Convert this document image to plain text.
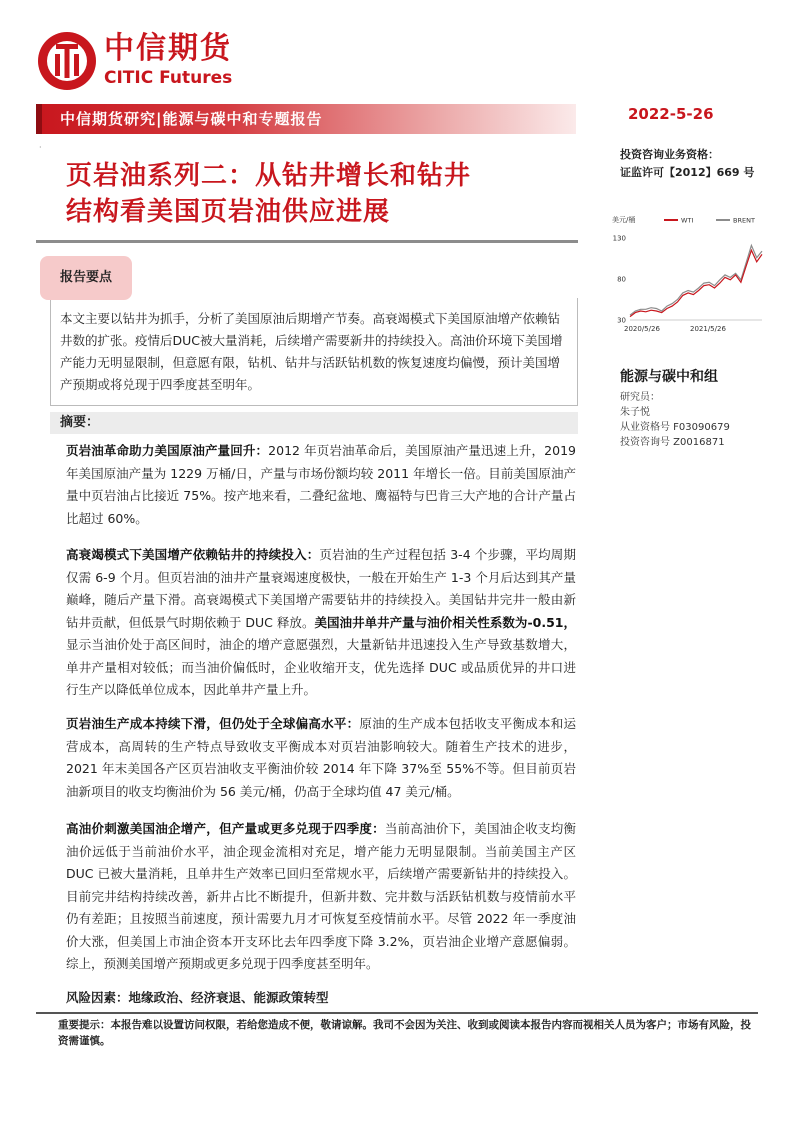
中信期货
CITIC Futures
中信期货研究|能源与碳中和专题报告
·
2022-5-26
页岩油系列二：从钻井增长和钻井
结构看美国页岩油供应进展
投资咨询业务资格：
证监许可【2012】669 号
美元/桶	WTI	BRENT
30
80
130
2020/5/26	2021/5/26
能源与碳中和组
研究员：
朱子悦
从业资格号 F03090679
投资咨询号 Z0016871
报告要点
本文主要以钻井为抓手，分析了美国原油后期增产节奏。高衰竭模式下美国原油增产依赖钻井数的扩张。疫情后DUC被大量消耗，后续增产需要新井的持续投入。高油价环境下美国增产能力无明显限制，但意愿有限，钻机、钻井与活跃钻机数的恢复速度均偏慢，预计美国增产预期或将兑现于四季度甚至明年。
摘要：
页岩油革命助力美国原油产量回升：2012 年页岩油革命后，美国原油产量迅速上升，2019 年美国原油产量为 1229 万桶/日，产量与市场份额均较 2011 年增长一倍。目前美国原油产量中页岩油占比接近 75%。按产地来看，二叠纪盆地、鹰福特与巴肯三大产地的合计产量占比超过 60%。
高衰竭模式下美国增产依赖钻井的持续投入：页岩油的生产过程包括 3-4 个步骤，平均周期仅需 6-9 个月。但页岩油的油井产量衰竭速度极快，一般在开始生产 1-3 个月后达到其产量巅峰，随后产量下滑。高衰竭模式下美国增产需要钻井的持续投入。美国钻井完井一般由新钻井贡献，但低景气时期依赖于 DUC 释放。美国油井单井产量与油价相关性系数为-0.51，显示当油价处于高区间时，油企的增产意愿强烈，大量新钻井迅速投入生产导致基数增大，单井产量相对较低；而当油价偏低时，企业收缩开支，优先选择 DUC 或品质优异的井口进行生产以降低单位成本，因此单井产量上升。
页岩油生产成本持续下滑，但仍处于全球偏高水平：原油的生产成本包括收支平衡成本和运营成本，高周转的生产特点导致收支平衡成本对页岩油影响较大。随着生产技术的进步，2021 年末美国各产区页岩油收支平衡油价较 2014 年下降 37%至 55%不等。但目前页岩油新项目的收支均衡油价为 56 美元/桶，仍高于全球均值 47 美元/桶。
高油价刺激美国油企增产，但产量或更多兑现于四季度：当前高油价下，美国油企收支均衡油价远低于当前油价水平，油企现金流相对充足，增产能力无明显限制。当前美国主产区 DUC 已被大量消耗，且单井生产效率已回归至常规水平，后续增产需要新钻井的持续投入。目前完井结构持续改善，新井占比不断提升，但新井数、完井数与活跃钻机数与疫情前水平仍有差距；且按照当前速度，预计需要九月才可恢复至疫情前水平。尽管 2022 年一季度油价大涨，但美国上市油企资本开支环比去年四季度下降 3.2%，页岩油企业增产意愿偏弱。综上，预测美国增产预期或更多兑现于四季度甚至明年。
风险因素：地缘政治、经济衰退、能源政策转型
重要提示：本报告难以设置访问权限，若给您造成不便，敬请谅解。我司不会因为关注、收到或阅读本报告内容而视相关人员为客户；市场有风险，投资需谨慎。
